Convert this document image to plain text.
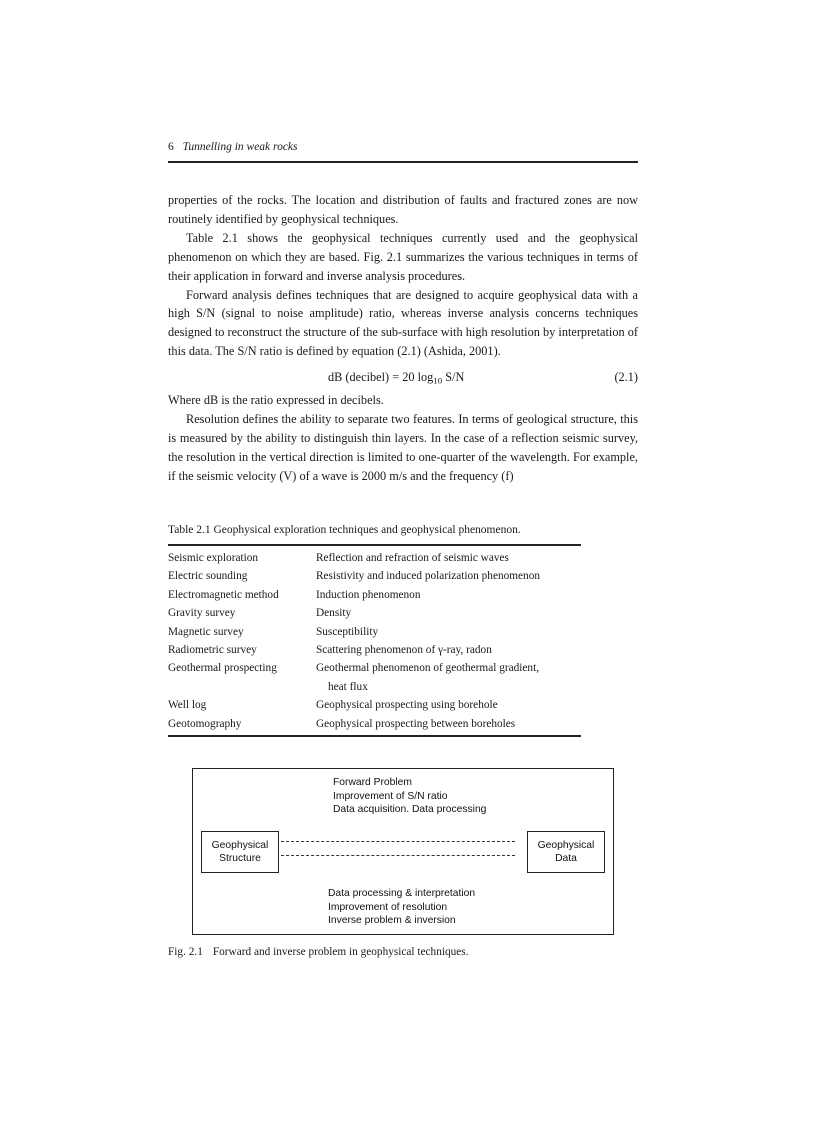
6 Tunnelling in weak rocks

properties of the rocks. The location and distribution of faults and fractured zones are now routinely identified by geophysical techniques.

Table 2.1 shows the geophysical techniques currently used and the geophysical phenomenon on which they are based. Fig. 2.1 summarizes the various techniques in terms of their application in forward and inverse analysis procedures.

Forward analysis defines techniques that are designed to acquire geophysical data with a high S/N (signal to noise amplitude) ratio, whereas inverse analysis concerns techniques designed to reconstruct the structure of the sub-surface with high resolution by interpretation of this data. The S/N ratio is defined by equation (2.1) (Ashida, 2001).

dB (decibel) = 20 $\log_{10} S/N$	(2.1)

Where dB is the ratio expressed in decibels.

Resolution defines the ability to separate two features. In terms of geological structure, this is measured by the ability to distinguish thin layers. In the case of a reflection seismic survey, the resolution in the vertical direction is limited to one-quarter of the wavelength. For example, if the seismic velocity (V) of a wave is 2000 m/s and the frequency (f)

Table 2.1 Geophysical exploration techniques and geophysical phenomenon.
Seismic exploration	Reflection and refraction of seismic waves
Electric sounding	Resistivity and induced polarization phenomenon
Electromagnetic method	Induction phenomenon
Gravity survey	Density
Magnetic survey	Susceptibility
Radiometric survey	Scattering phenomenon of γ-ray, radon
Geothermal prospecting	Geothermal phenomenon of geothermal gradient,
heat flux
Well log	Geophysical prospecting using borehole
Geotomography	Geophysical prospecting between boreholes
Forward Problem
Improvement of S/N ratio
Data acquisition. Data processing
Geophysical
Structure
Geophysical
Data
Data processing & interpretation
Improvement of resolution
Inverse problem & inversion
Fig. 2.1 Forward and inverse problem in geophysical techniques.
